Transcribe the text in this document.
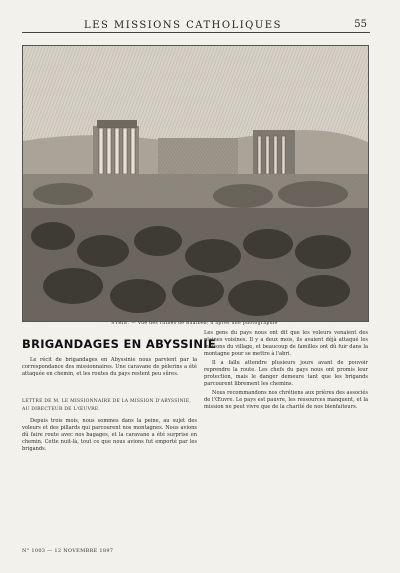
LES MISSIONS CATHOLIQUES	55
SYRIE. — Vue des ruines de Baalbek; d'après une photographie
BRIGANDAGES EN ABYSSINIE

Le récit de brigandages en Abyssinie nous parvient par la correspondance des missionnaires. Une caravane de pèlerins a été attaquée en chemin, et les routes du pays restent peu sûres.

LETTRE DE M. LE MISSIONNAIRE DE LA MISSION D'ABYSSINIE, AU DIRECTEUR DE L'ŒUVRE.

Depuis trois mois, nous sommes dans la peine, au sujet des voleurs et des pillards qui parcourent nos montagnes. Nous avions dû faire route avec nos bagages, et la caravane a été surprise en chemin. Cette nuit-là, tout ce que nous avions fut emporté par les brigands.

Les gens du pays nous ont dit que les voleurs venaient des plaines voisines. Il y a deux mois, ils avaient déjà attaqué les maisons du village, et beaucoup de familles ont dû fuir dans la montagne pour se mettre à l'abri.

Il a fallu attendre plusieurs jours avant de pouvoir reprendre la route. Les chefs du pays nous ont promis leur protection, mais le danger demeure tant que les brigands parcourent librement les chemins.

Nous recommandons nos chrétiens aux prières des associés de l'Œuvre. Le pays est pauvre, les ressources manquent, et la mission ne peut vivre que de la charité de nos bienfaiteurs.

N° 1003 — 12 NOVEMBRE 1897
